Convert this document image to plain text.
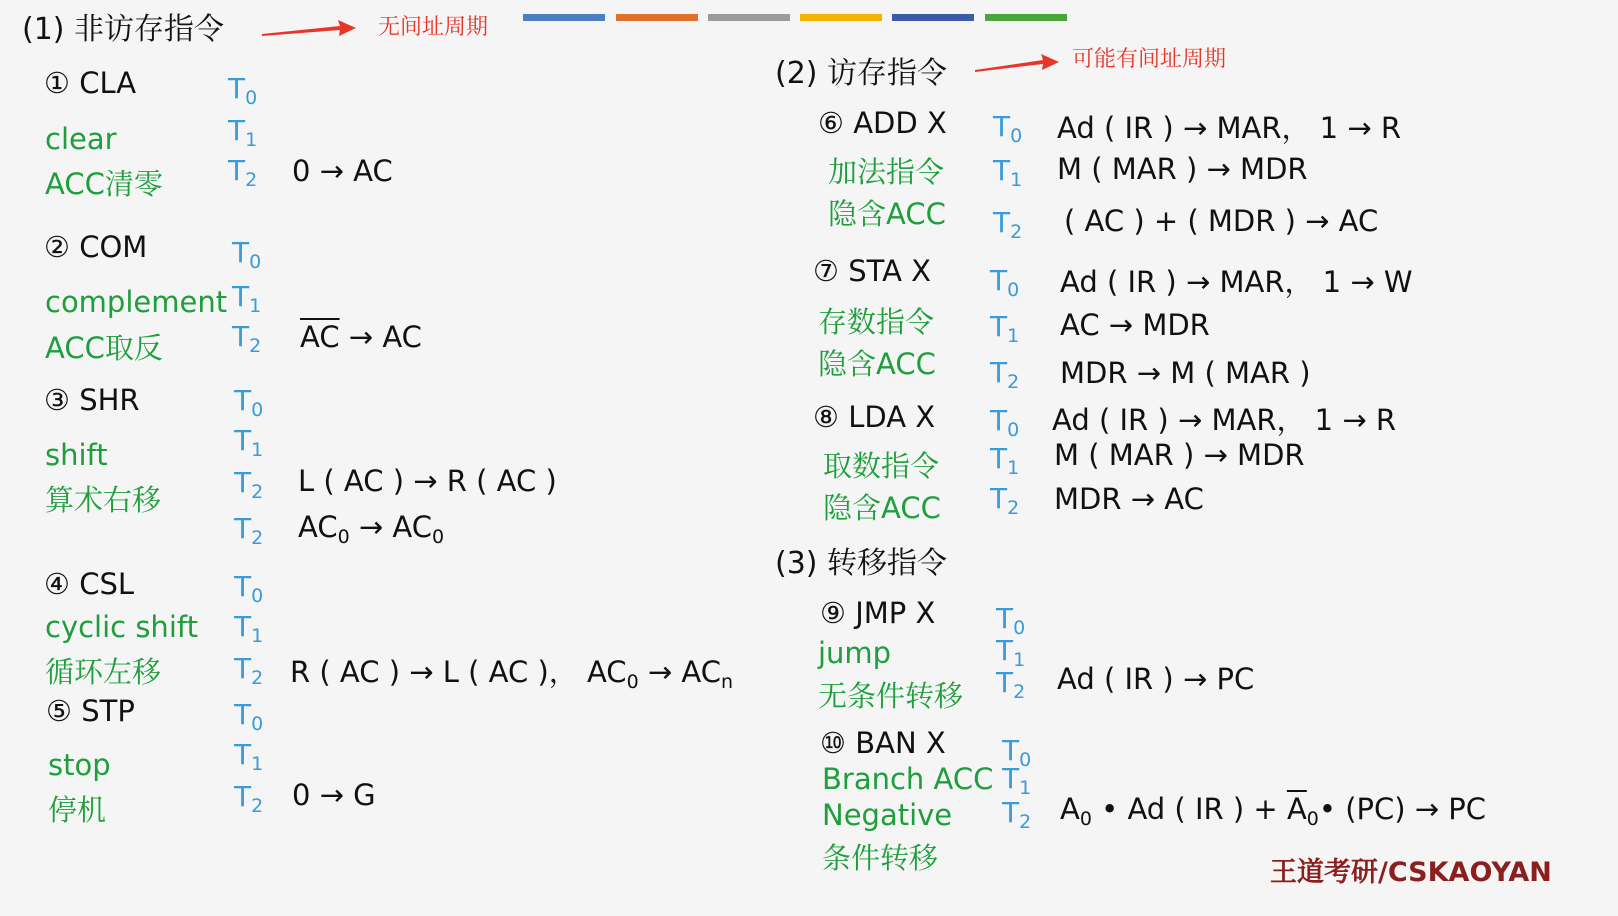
(1) 非访存指令	无间址周期
(2) 访存指令	可能有间址周期
(3) 转移指令
① CLA
clear
ACC清零
$T_0$
$T_1$
$T_2$ 0 → AC
② COM
complement
ACC取反
$T_0$
$T_1$
$T_2$ $\overline{AC}$ → AC
③ SHR
shift
算术右移
$T_0$
$T_1$
$T_2$
$T_2$
L ( AC ) → R ( AC )
$AC_0 \to AC_0$
④ CSL
cyclic shift
循环左移
$T_0$
$T_1$
$T_2$ R ( AC ) → L ( AC )， $AC_0 \to AC_n$
⑤ STP
stop
停机
$T_0$
$T_1$
$T_2$ 0 → G
⑥ ADD X
加法指令
隐含ACC
$T_0$
$T_1$
$T_2$
Ad ( IR ) → MAR， 1 → R
M ( MAR ) → MDR
( AC ) + ( MDR ) → AC
⑦ STA X
存数指令
隐含ACC
$T_0$
$T_1$
$T_2$
Ad ( IR ) → MAR， 1 → W
AC → MDR
MDR → M ( MAR )
⑧ LDA X
取数指令
隐含ACC
$T_0$
$T_1$
$T_2$
Ad ( IR ) → MAR， 1 → R
M ( MAR ) → MDR
MDR → AC
⑨ JMP X
jump
无条件转移
$T_0$
$T_1$
$T_2$ Ad ( IR ) → PC
⑩ BAN X
Branch ACC
Negative
条件转移
$T_0$
$T_1$
$T_2$ $A_0$ • Ad ( IR ) + $\overline{A}_0•$ (PC) → PC
王道考研/CSKAOYAN
